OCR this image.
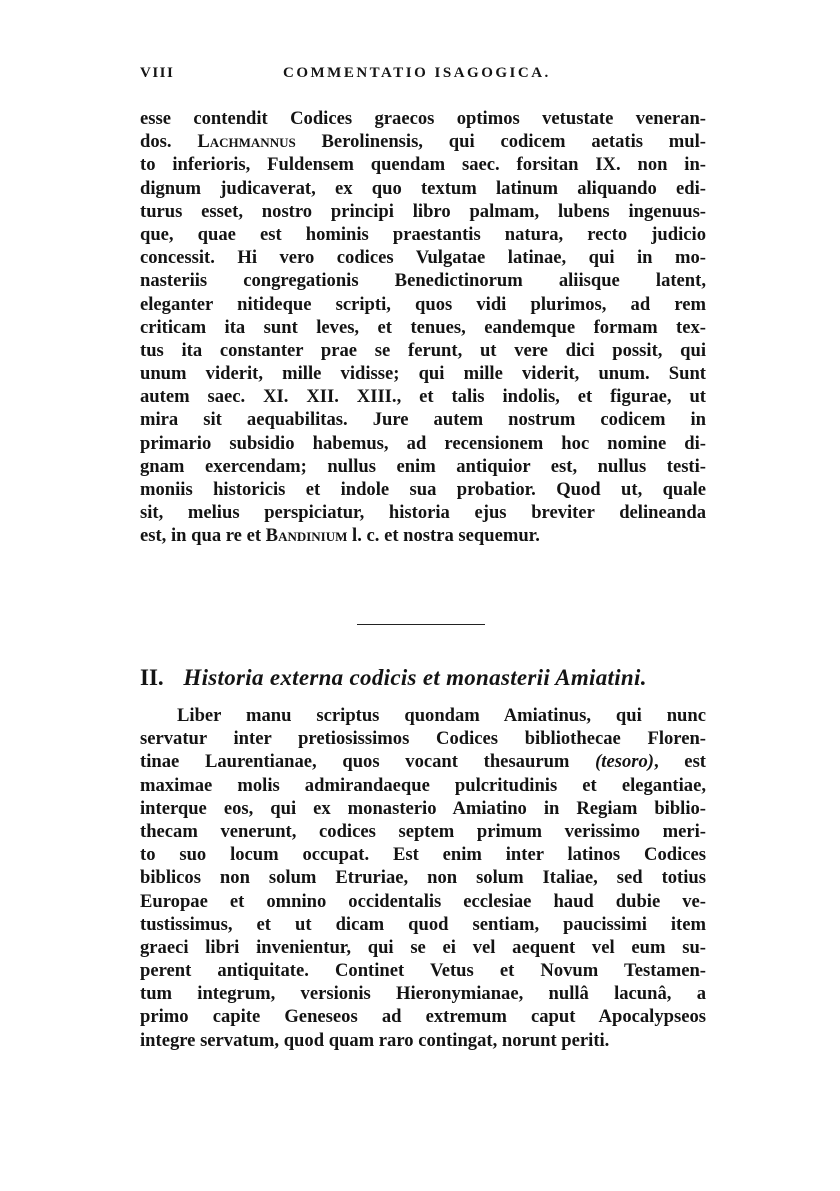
VIII	COMMENTATIO ISAGOGICA.
esse contendit Codices graecos optimos vetustate veneran-
dos. Lachmannus Berolinensis, qui codicem aetatis mul-
to inferioris, Fuldensem quendam saec. forsitan IX. non in-
dignum judicaverat, ex quo textum latinum aliquando edi-
turus esset, nostro principi libro palmam, lubens ingenuus-
que, quae est hominis praestantis natura, recto judicio
concessit. Hi vero codices Vulgatae latinae, qui in mo-
nasteriis congregationis Benedictinorum aliisque latent,
eleganter nitideque scripti, quos vidi plurimos, ad rem
criticam ita sunt leves, et tenues, eandemque formam tex-
tus ita constanter prae se ferunt, ut vere dici possit, qui
unum viderit, mille vidisse; qui mille viderit, unum. Sunt
autem saec. XI. XII. XIII., et talis indolis, et figurae, ut
mira sit aequabilitas. Jure autem nostrum codicem in
primario subsidio habemus, ad recensionem hoc nomine di-
gnam exercendam; nullus enim antiquior est, nullus testi-
moniis historicis et indole sua probatior. Quod ut, quale
sit, melius perspiciatur, historia ejus breviter delineanda
est, in qua re et Bandinium l. c. et nostra sequemur.
II. Historia externa codicis et monasterii Amiatini.
Liber manu scriptus quondam Amiatinus, qui nunc
servatur inter pretiosissimos Codices bibliothecae Floren-
tinae Laurentianae, quos vocant thesaurum (tesoro), est
maximae molis admirandaeque pulcritudinis et elegantiae,
interque eos, qui ex monasterio Amiatino in Regiam biblio-
thecam venerunt, codices septem primum verissimo meri-
to suo locum occupat. Est enim inter latinos Codices
biblicos non solum Etruriae, non solum Italiae, sed totius
Europae et omnino occidentalis ecclesiae haud dubie ve-
tustissimus, et ut dicam quod sentiam, paucissimi item
graeci libri invenientur, qui se ei vel aequent vel eum su-
perent antiquitate. Continet Vetus et Novum Testamen-
tum integrum, versionis Hieronymianae, nullâ lacunâ, a
primo capite Geneseos ad extremum caput Apocalypseos
integre servatum, quod quam raro contingat, norunt periti.
